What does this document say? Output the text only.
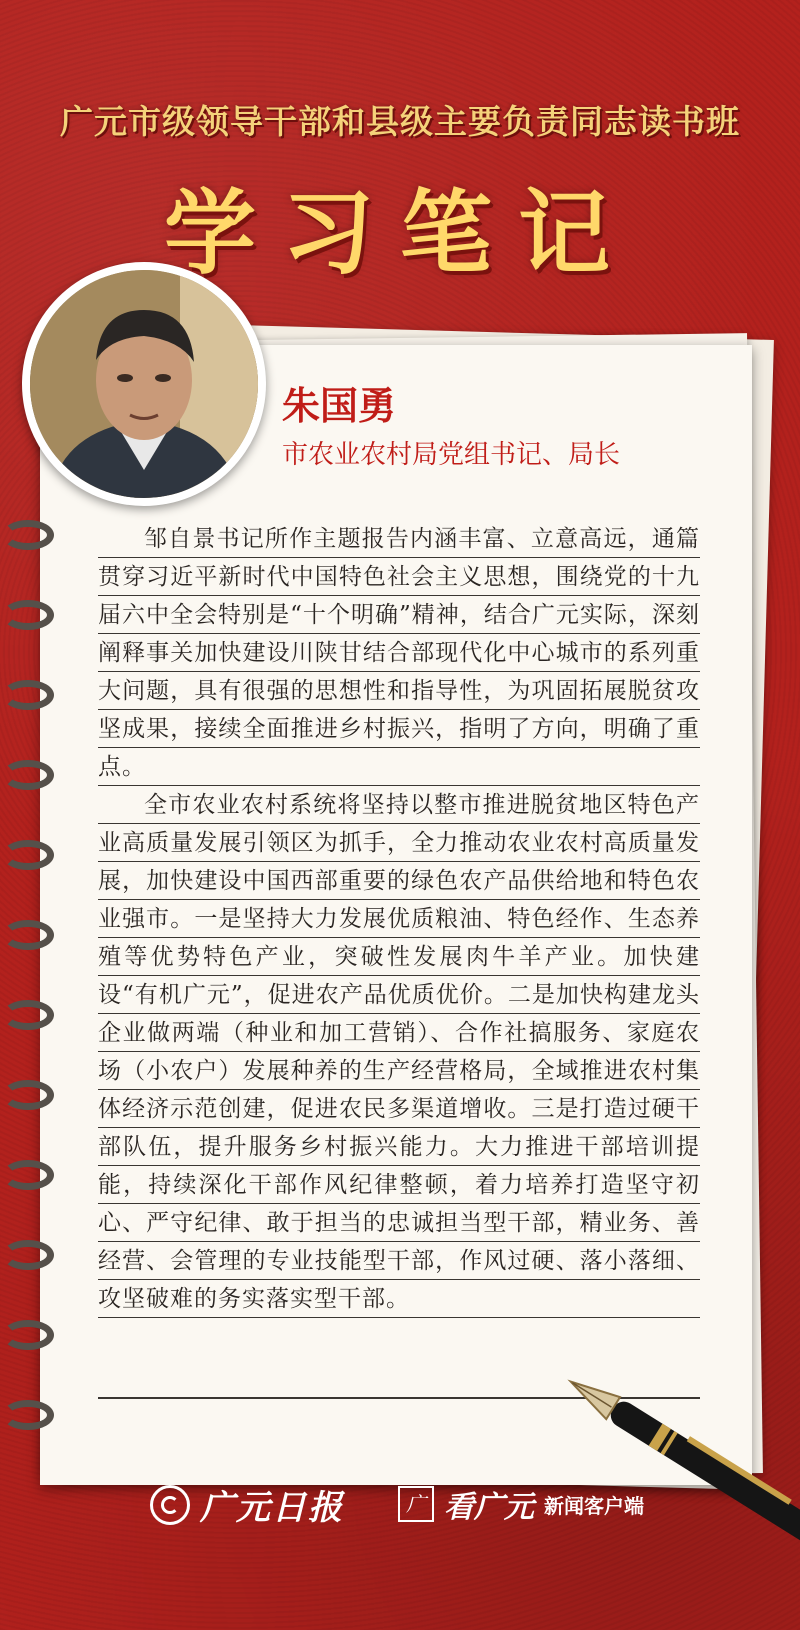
广元市级领导干部和县级主要负责同志读书班
学习笔记
朱国勇
市农业农村局党组书记、局长

邹自景书记所作主题报告内涵丰富、立意高远，通篇贯穿习近平新时代中国特色社会主义思想，围绕党的十九届六中全会特别是“十个明确”精神，结合广元实际，深刻阐释事关加快建设川陕甘结合部现代化中心城市的系列重大问题，具有很强的思想性和指导性，为巩固拓展脱贫攻坚成果，接续全面推进乡村振兴，指明了方向，明确了重点。

全市农业农村系统将坚持以整市推进脱贫地区特色产业高质量发展引领区为抓手，全力推动农业农村高质量发展，加快建设中国西部重要的绿色农产品供给地和特色农业强市。一是坚持大力发展优质粮油、特色经作、生态养殖等优势特色产业，突破性发展肉牛羊产业。加快建设“有机广元”，促进农产品优质优价。二是加快构建龙头企业做两端（种业和加工营销）、合作社搞服务、家庭农场（小农户）发展种养的生产经营格局，全域推进农村集体经济示范创建，促进农民多渠道增收。三是打造过硬干部队伍，提升服务乡村振兴能力。大力推进干部培训提能，持续深化干部作风纪律整顿，着力培养打造坚守初心、严守纪律、敢于担当的忠诚担当型干部，精业务、善经营、会管理的专业技能型干部，作风过硬、落小落细、攻坚破难的务实落实型干部。

广元日报	广 看广元 新闻客户端
